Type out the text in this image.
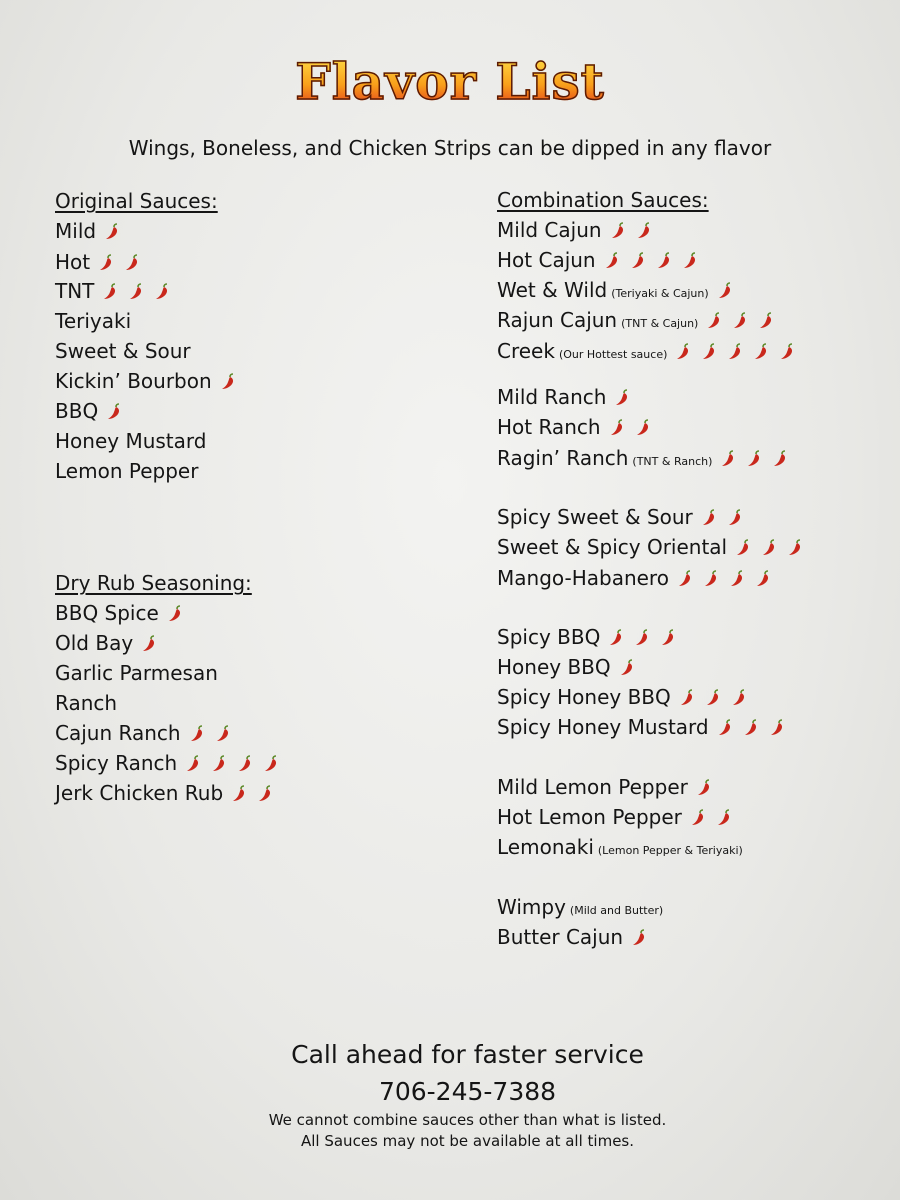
Flavor List
Wings, Boneless, and Chicken Strips can be dipped in any flavor
Original Sauces:
Mild
Hot
TNT
Teriyaki
Sweet & Sour
Kickin’ Bourbon
BBQ
Honey Mustard
Lemon Pepper
Dry Rub Seasoning:
BBQ Spice
Old Bay
Garlic Parmesan
Ranch
Cajun Ranch
Spicy Ranch
Jerk Chicken Rub
Combination Sauces:
Mild Cajun
Hot Cajun
Wet & Wild (Teriyaki & Cajun)
Rajun Cajun (TNT & Cajun)
Creek (Our Hottest sauce)
Mild Ranch
Hot Ranch
Ragin’ Ranch (TNT & Ranch)
Spicy Sweet & Sour
Sweet & Spicy Oriental
Mango-Habanero
Spicy BBQ
Honey BBQ
Spicy Honey BBQ
Spicy Honey Mustard
Mild Lemon Pepper
Hot Lemon Pepper
Lemonaki (Lemon Pepper & Teriyaki)
Wimpy (Mild and Butter)
Butter Cajun
Call ahead for faster service
706-245-7388
We cannot combine sauces other than what is listed.
All Sauces may not be available at all times.
